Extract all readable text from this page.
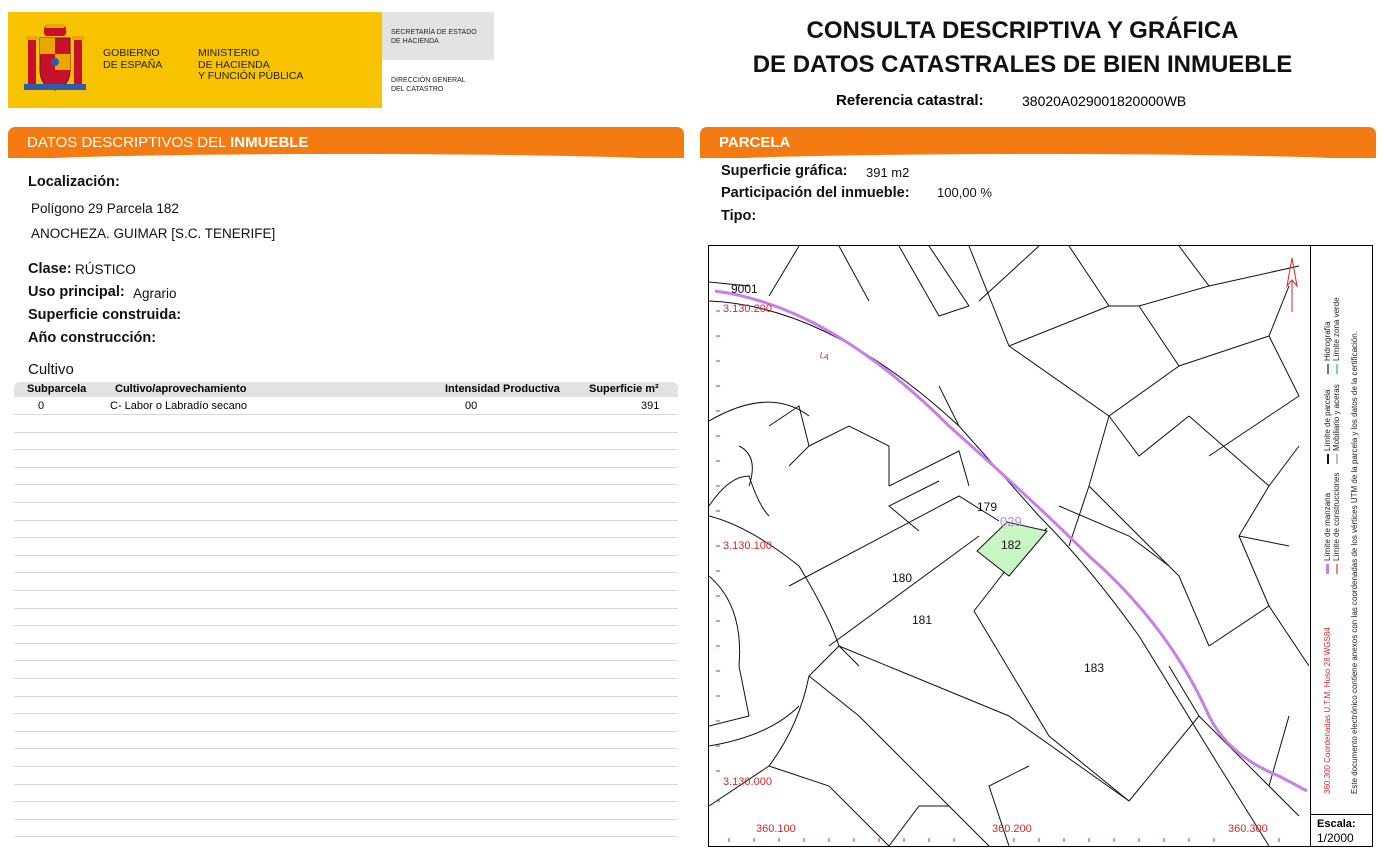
GOBIERNO
DE ESPAÑA
MINISTERIO
DE HACIENDA
Y FUNCIÓN PÚBLICA
SECRETARÍA DE ESTADO
DE HACIENDA
DIRECCIÓN GENERAL
DEL CATASTRO
CONSULTA DESCRIPTIVA Y GRÁFICA
DE DATOS CATASTRALES DE BIEN INMUEBLE
Referencia catastral:	38020A029001820000WB
DATOS DESCRIPTIVOS DEL INMUEBLE	PARCELA
Localización:
Polígono 29 Parcela 182
ANOCHEZA. GUIMAR [S.C. TENERIFE]
Clase: RÚSTICO
Uso principal: Agrario
Superficie construida:
Año construcción:
Cultivo
Subparcela	Cultivo/aprovechamiento	Intensidad Productiva	Superficie m²
0	C- Labor o Labradío secano	00	391
Superficie gráfica: 391 m2
Participación del inmueble: 100,00 %
Tipo:
9001
LA
179
029
182
180
181
183
3.130.200
3.130.100
3.130.000
360.100	360.200	360.300
360.300 Coordenadas U.T.M. Huso 28 WGS84 Este documento electrónico contiene anexos con las coordenadas de los vértices UTM de la parcela y los datos de la certificación.
Límite de manzana Límite de construcciones
Límite de parcela Mobiliario y aceras
Hidrografía Límite zona verde
Escala:
1/2000
